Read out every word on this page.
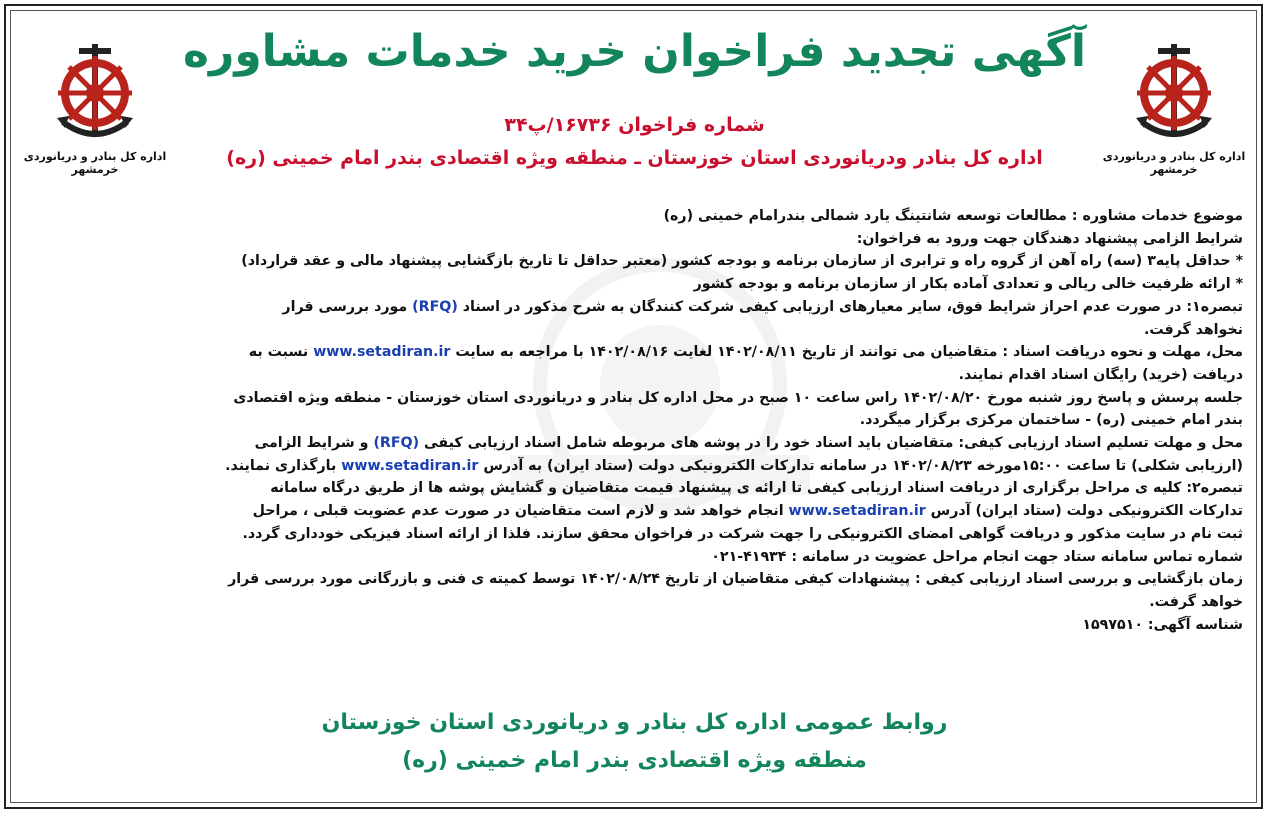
اداره کل بنادر و دریانوردی خرمشهر
اداره کل بنادر و دریانوردی خرمشهر
آگهی تجدید فراخوان خرید خدمات مشاوره
شماره فراخوان ۱۶۷۳۶/پ۳۴
اداره کل بنادر ودریانوردی استان خوزستان ـ منطقه ویژه اقتصادی بندر امام خمینی (ره)
موضوع خدمات مشاوره : مطالعات توسعه شانتینگ یارد شمالی بندرامام خمینی (ره)
شرایط الزامی پیشنهاد دهندگان جهت ورود به فراخوان:
* حداقل پایه۳ (سه) راه آهن از گروه راه و ترابری از سازمان برنامه و بودجه کشور (معتبر حداقل تا تاریخ بازگشایی پیشنهاد مالی و عقد قرارداد)
* ارائه ظرفیت خالی ریالی و تعدادی آماده بکار از سازمان برنامه و بودجه کشور
تبصره۱: در صورت عدم احراز شرایط فوق، سایر معیارهای ارزیابی کیفی شرکت کنندگان به شرح مذکور در اسناد (RFQ) مورد بررسی قرار
نخواهد گرفت.
محل، مهلت و نحوه دریافت اسناد : متقاضیان می توانند از تاریخ ۱۴۰۲/۰۸/۱۱ لغایت ۱۴۰۲/۰۸/۱۶ با مراجعه به سایت www.setadiran.ir نسبت به
دریافت (خرید) رایگان اسناد اقدام نمایند.
جلسه پرسش و پاسخ روز شنبه مورخ ۱۴۰۲/۰۸/۲۰ راس ساعت ۱۰ صبح در محل اداره کل بنادر و دریانوردی استان خوزستان - منطقه ویژه اقتصادی
بندر امام خمینی (ره) - ساختمان مرکزی برگزار میگردد.
محل و مهلت تسلیم اسناد ارزیابی کیفی: متقاضیان باید اسناد خود را در پوشه های مربوطه شامل اسناد ارزیابی کیفی (RFQ) و شرایط الزامی
(ارزیابی شکلی) تا ساعت ۱۵:۰۰مورخه ۱۴۰۲/۰۸/۲۳ در سامانه تدارکات الکترونیکی دولت (ستاد ایران) به آدرس www.setadiran.ir بارگذاری نمایند.
تبصره۲: کلیه ی مراحل برگزاری از دریافت اسناد ارزیابی کیفی تا ارائه ی پیشنهاد قیمت متقاضیان و گشایش پوشه ها از طریق درگاه سامانه
تدارکات الکترونیکی دولت (ستاد ایران) آدرس www.setadiran.ir انجام خواهد شد و لازم است متقاضیان در صورت عدم عضویت قبلی ، مراحل
ثبت نام در سایت مذکور و دریافت گواهی امضای الکترونیکی را جهت شرکت در فراخوان محقق سازند. فلذا از ارائه اسناد فیزیکی خودداری گردد.
شماره تماس سامانه ستاد جهت انجام مراحل عضویت در سامانه : ۴۱۹۳۴-۰۲۱
زمان بازگشایی و بررسی اسناد ارزیابی کیفی : پیشنهادات کیفی متقاضیان از تاریخ ۱۴۰۲/۰۸/۲۴ توسط کمیته ی فنی و بازرگانی مورد بررسی قرار
خواهد گرفت.
شناسه آگهی: ۱۵۹۷۵۱۰
روابط عمومی اداره کل بنادر و دریانوردی استان خوزستان
منطقه ویژه اقتصادی بندر امام خمینی (ره)
